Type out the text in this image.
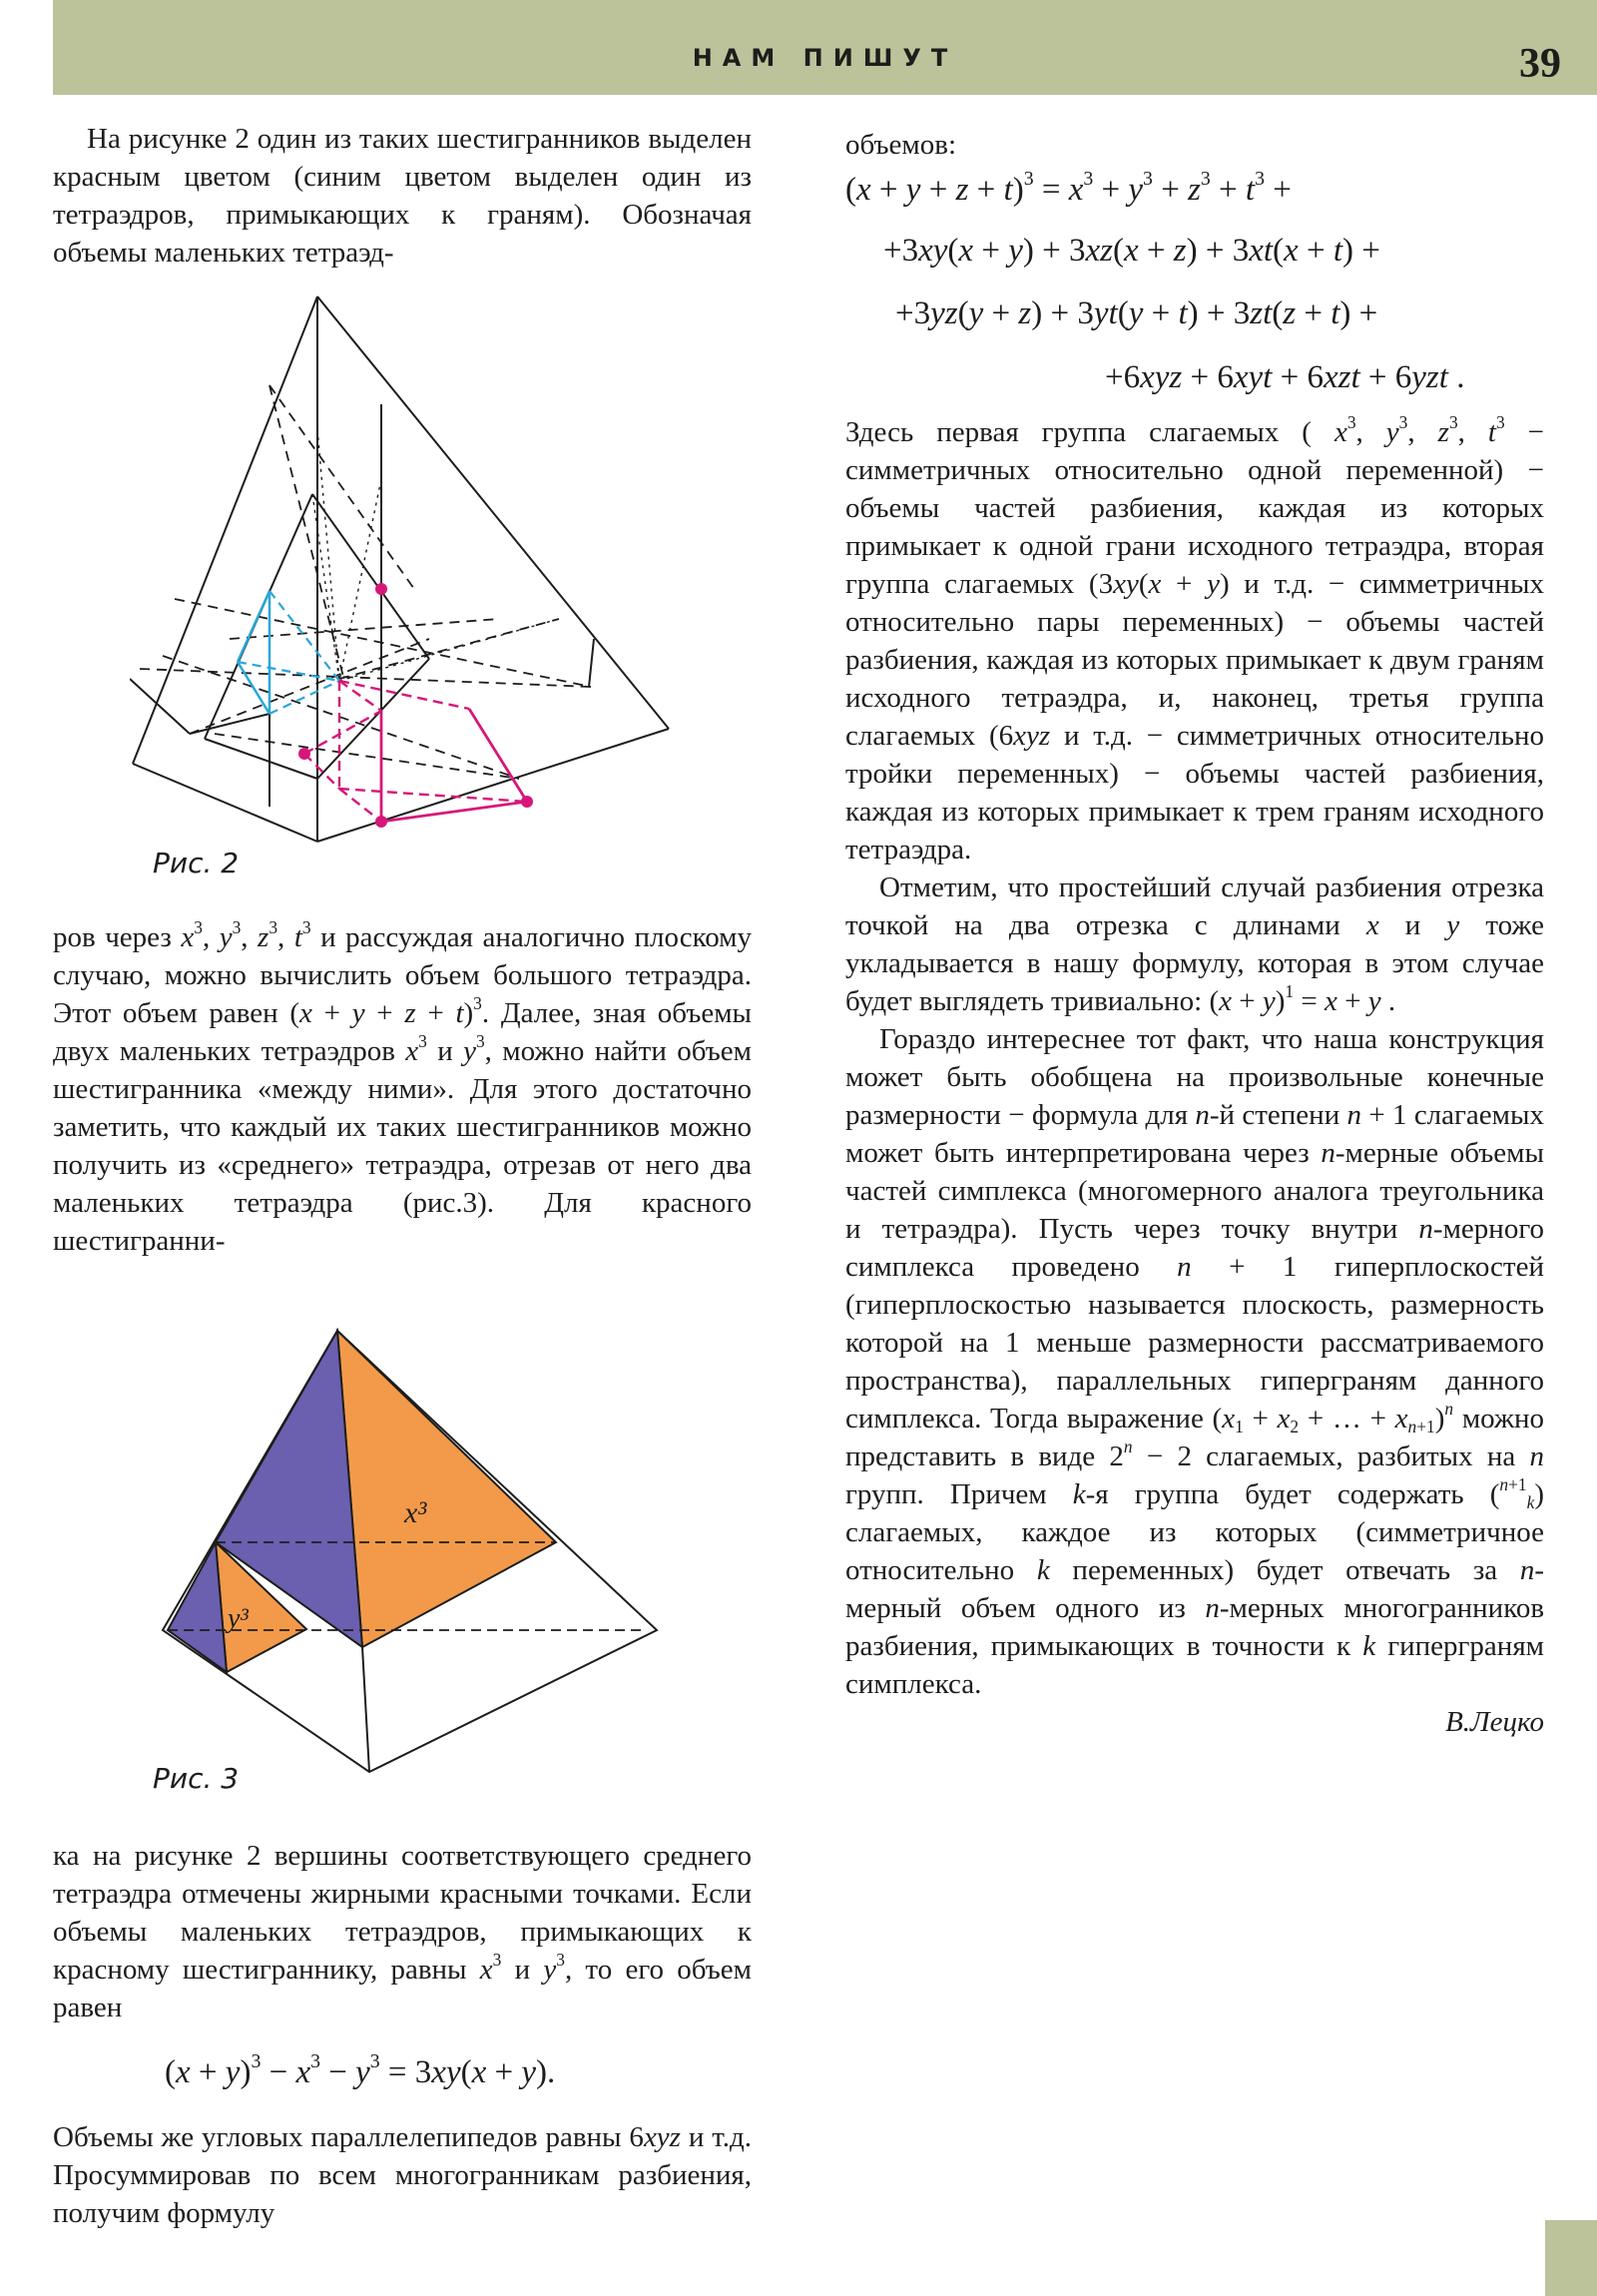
НАМ ПИШУТ	39

На рисунке 2 один из таких шестигранников выделен красным цветом (синим цветом выделен один из тетраэдров, примыкающих к граням). Обозначая объемы маленьких тетраэд-

Рис. 2

ров через $x^3$, $y^3$, $z^3$, $t^3$ и рассуждая аналогично плоскому случаю, можно вычислить объем большого тетраэдра. Этот объем равен $(x + y + z + t)^3$. Далее, зная объемы двух маленьких тетраэдров $x^3$ и $y^3$, можно найти объем шестигранника «между ними». Для этого достаточно заметить, что каждый их таких шестигранников можно получить из «среднего» тетраэдра, отрезав от него два маленьких тетраэдра (рис.3). Для красного шестигранни-

x³
y³
Рис. 3

ка на рисунке 2 вершины соответствующего среднего тетраэдра отмечены жирными красными точками. Если объемы маленьких тетраэдров, примыкающих к красному шестиграннику, равны $x^3$ и $y^3$, то его объем равен

$(x + y)^3 - x^3 - y^3 = 3xy(x + y)$.

Объемы же угловых параллелепипедов равны 6xyz и т.д. Просуммировав по всем многогранникам разбиения, получим формулу

объемов:

$(x + y + z + t)^3 = x^3 + y^3 + z^3 + t^3$ +
+3xy(x + y) + 3xz(x + z) + 3xt(x + t) +
+3yz(y + z) + 3yt(y + t) + 3zt(z + t) +
+6xyz + 6xyt + 6xzt + 6yzt .

Здесь первая группа слагаемых ( $x^3$, $y^3$, $z^3$, $t^3$ − симметричных относительно одной переменной) − объемы частей разбиения, каждая из которых примыкает к одной грани исходного тетраэдра, вторая группа слагаемых (3xy(x + y) и т.д. − симметричных относительно пары переменных) − объемы частей разбиения, каждая из которых примыкает к двум граням исходного тетраэдра, и, наконец, третья группа слагаемых (6xyz и т.д. − симметричных относительно тройки переменных) − объемы частей разбиения, каждая из которых примыкает к трем граням исходного тетраэдра.

Отметим, что простейший случай разбиения отрезка точкой на два отрезка с длинами x и y тоже укладывается в нашу формулу, которая в этом случае будет выглядеть тривиально: $(x + y)^1 = x + y$ .

Гораздо интереснее тот факт, что наша конструкция может быть обобщена на произвольные конечные размерности − формула для n-й степени n + 1 слагаемых может быть интерпретирована через n-мерные объемы частей симплекса (многомерного аналога треугольника и тетраэдра). Пусть через точку внутри n-мерного симплекса проведено n + 1 гиперплоскостей (гиперплоскостью называется плоскость, размерность которой на 1 меньше размерности рассматриваемого пространства), параллельных гиперграням данного симплекса. Тогда выражение ($x_1 + x_2$ + … + $x_{n+1})^n$ можно представить в виде $2^n - 2$ слагаемых, разбитых на n групп. Причем k-я группа будет содержать ($^{n+1}_k$) слагаемых, каждое из которых (симметричное относительно k переменных) будет отвечать за n-мерный объем одного из n-мерных многогранников разбиения, примыкающих в точности к k гиперграням симплекса.

В.Лецко
